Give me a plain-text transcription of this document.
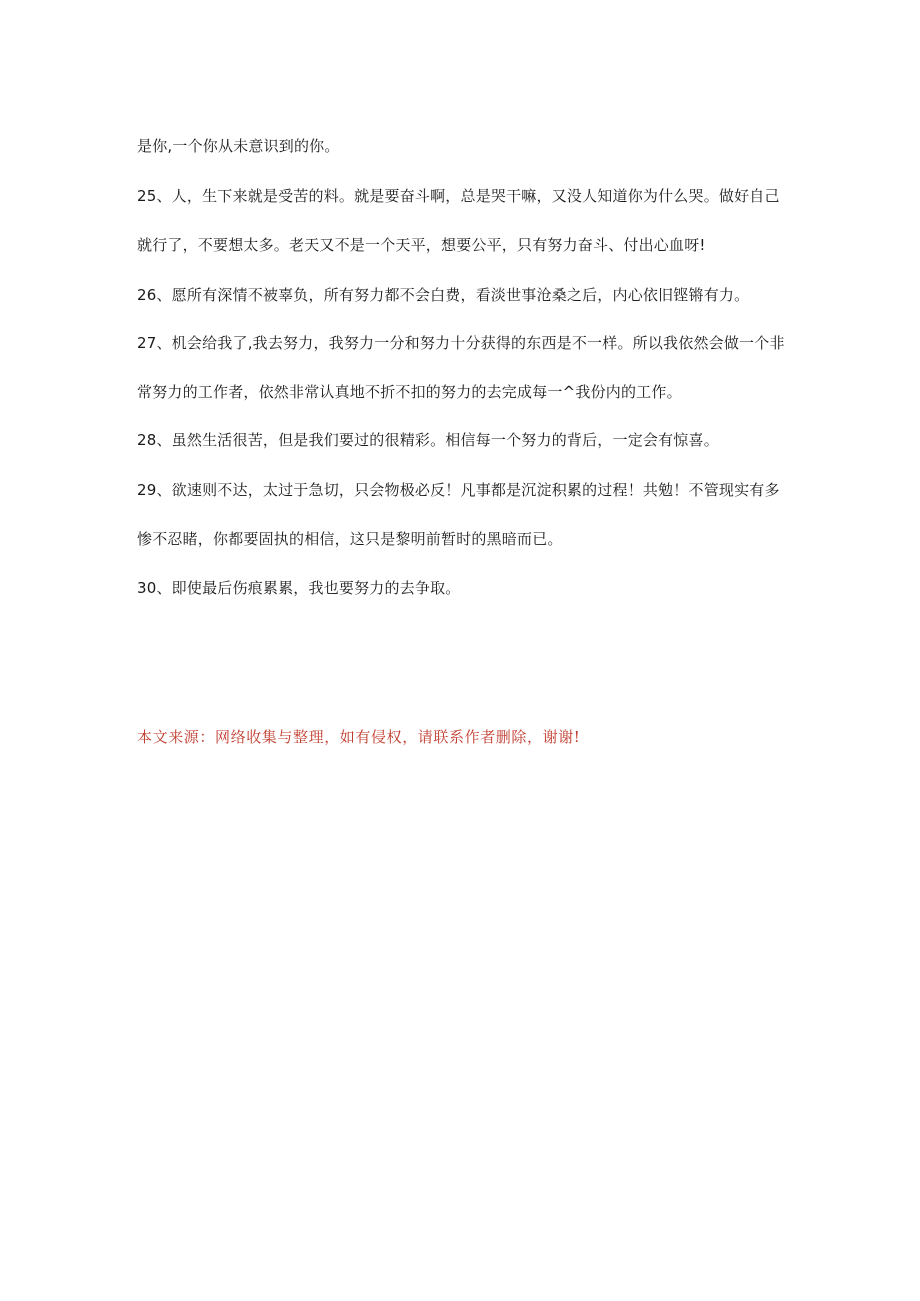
是你,一个你从未意识到的你。
25、人，生下来就是受苦的料。就是要奋斗啊，总是哭干嘛，又没人知道你为什么哭。做好自己
就行了，不要想太多。老天又不是一个天平，想要公平，只有努力奋斗、付出心血呀!
26、愿所有深情不被辜负，所有努力都不会白费，看淡世事沧桑之后，内心依旧铿锵有力。
27、机会给我了,我去努力，我努力一分和努力十分获得的东西是不一样。所以我依然会做一个非
常努力的工作者，依然非常认真地不折不扣的努力的去完成每一^我份内的工作。
28、虽然生活很苦，但是我们要过的很精彩。相信每一个努力的背后，一定会有惊喜。
29、欲速则不达，太过于急切，只会物极必反！凡事都是沉淀积累的过程！共勉！不管现实有多
惨不忍睹，你都要固执的相信，这只是黎明前暂时的黑暗而已。
30、即使最后伤痕累累，我也要努力的去争取。
本文来源：网络收集与整理，如有侵权，请联系作者删除，谢谢!
